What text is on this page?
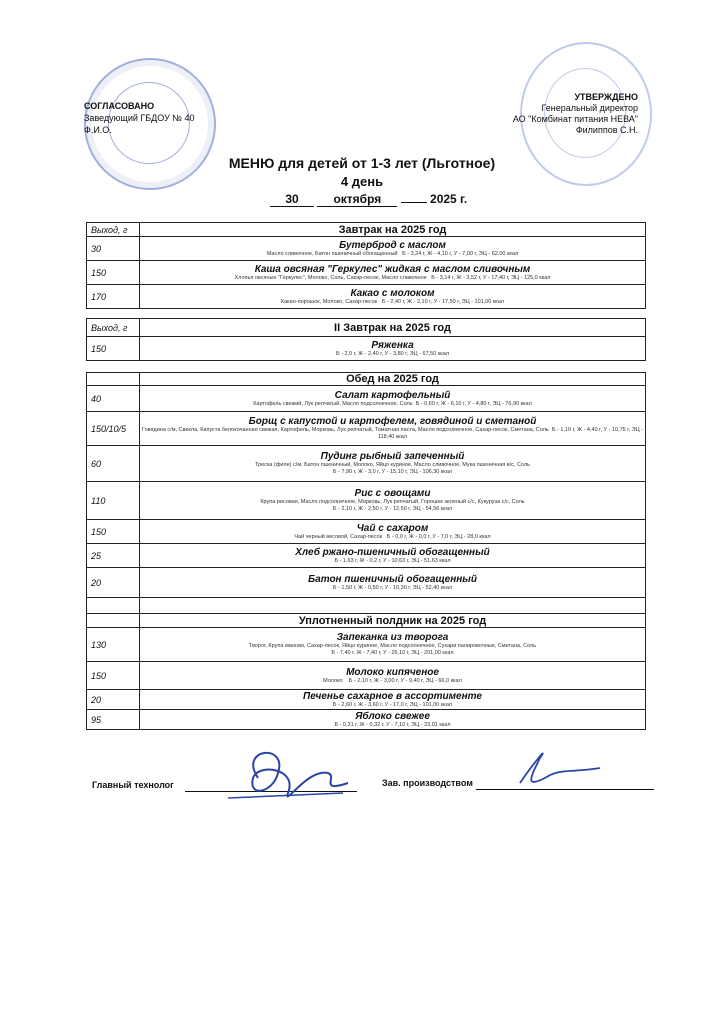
СОГЛАСОВАНО
Заведующий ГБДОУ № 40
Ф.И.О.
УТВЕРЖДЕНО
Генеральный директор
АО "Комбинат питания НЕВА"
Филиппов С.Н.
МЕНЮ для детей от 1-3 лет (Льготное)
4 день
30	октября	2025 г.
Выход, г	Завтрак на 2025 год
30	Бутерброд с маслом
Масло сливочное, Батон пшеничный обогащенный Б - 3,24 г, Ж - 4,10 г, У - 7,00 г, ЭЦ - 62,00 ккал

150	Каша овсяная "Геркулес" жидкая с маслом сливочным
Хлопья овсяные "Геркулес", Молоко, Соль, Сахар-песок, Масло сливочное Б - 3,14 г, Ж - 3,52 г, У - 17,40 г, ЭЦ - 125,0 ккал

170	Какао с молоком
Какао-порошок, Молоко, Сахар-песок Б - 2,40 г, Ж - 2,10 г, У - 17,50 г, ЭЦ - 101,00 ккал
Выход, г	II Завтрак на 2025 год
150	Ряженка
Б - 2,0 г, Ж - 2,40 г, У - 3,80 г, ЭЦ - 67,50 ккал
	Обед на 2025 год
40	Салат картофельный
Картофель свежий, Лук репчатый, Масло подсолнечное, Соль Б - 0,60 г, Ж - 6,10 г, У - 4,80 г, ЭЦ - 76,90 ккал

150/10/5	Борщ с капустой и картофелем, говядиной и сметаной
Говядина с/м, Свекла, Капуста белокочанная свежая, Картофель, Морковь, Лук репчатый, Томатная паста, Масло подсолнечное, Сахар-песок, Сметана, Соль Б - 1,10 г, Ж - 4,40 г, У - 10,75 г, ЭЦ - 118,40 ккал

60	Пудинг рыбный запеченный
Треска (филе) с/м, Батон пшеничный, Молоко, Яйцо куриное, Масло сливочное, Мука пшеничная в/с, Соль
Б - 7,90 г, Ж - 3,0 г, У - 15,10 г, ЭЦ - 106,30 ккал

110	Рис с овощами
Крупа рисовая, Масло подсолнечное, Морковь, Лук репчатый, Горошек зеленый с/с, Кукуруза с/с, Соль
Б - 2,10 г, Ж - 2,50 г, У - 12,50 г, ЭЦ - 54,56 ккал

150	Чай с сахаром
Чай черный весовой, Сахар-песок Б - 0,0 г, Ж - 0,0 г, У - 7,0 г, ЭЦ - 28,0 ккал

25	Хлеб ржано-пшеничный обогащенный
Б - 1,63 г, Ж - 0,2 г, У - 10,63 г, ЭЦ - 51,63 ккал

20	Батон пшеничный обогащенный
Б - 1,50 г, Ж - 0,50 г, У - 10,30 г, ЭЦ - 52,40 ккал

	Уплотненный полдник на 2025 год
130	Запеканка из творога
Творог, Крупа манная, Сахар-песок, Яйцо куриное, Масло подсолнечное, Сухари панировочные, Сметана, Соль
Б - 7,40 г, Ж - 7,40 г, У - 26,10 г, ЭЦ - 201,00 ккал

150	Молоко кипяченое
Молоко Б - 2,10 г, Ж - 3,00 г, У - 9,40 г, ЭЦ - 66,0 ккал

20	Печенье сахарное в ассортименте
Б - 2,60 г, Ж - 3,60 г, У - 17,0 г, ЭЦ - 101,00 ккал

95	Яблоко свежее
Б - 0,31 г, Ж - 0,32 г, У - 7,10 г, ЭЦ - 33,01 ккал
Главный технолог	Зав. производством
